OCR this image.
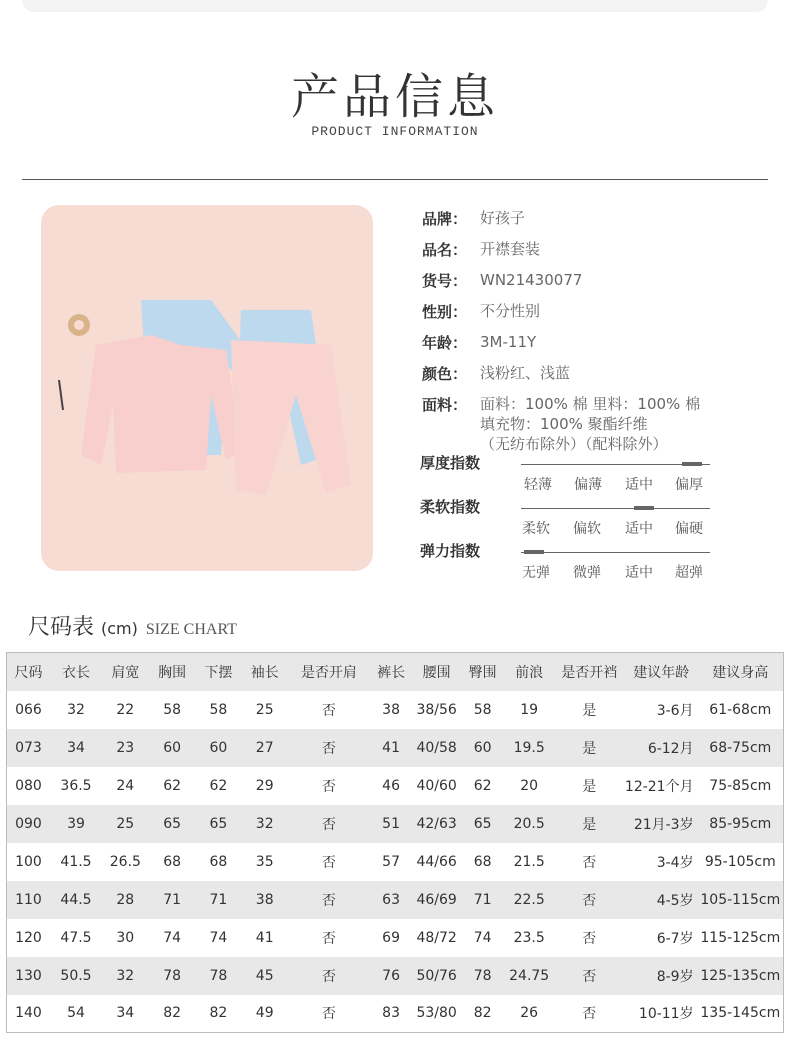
产品信息
PRODUCT INFORMATION
品牌： 好孩子
品名： 开襟套装
货号： WN21430077
性别： 不分性别
年龄： 3M-11Y
颜色： 浅粉红、浅蓝
面料： 面料：100% 棉 里料：100% 棉
填充物：100% 聚酯纤维
（无纺布除外）（配料除外）
厚度指数
轻薄 偏薄 适中 偏厚
柔软指数
柔软 偏软 适中 偏硬
弹力指数
无弹 微弹 适中 超弹
尺码表 (cm) SIZE CHART
尺码	衣长	肩宽	胸围	下摆	袖长	是否开肩	裤长	腰围	臀围	前浪	是否开裆	建议年龄	建议身高
066	32	22	58	58	25	否	38	38/56	58	19	是	3-6月	61-68cm
073	34	23	60	60	27	否	41	40/58	60	19.5	是	6-12月	68-75cm
080	36.5	24	62	62	29	否	46	40/60	62	20	是	12-21个月	75-85cm
090	39	25	65	65	32	否	51	42/63	65	20.5	是	21月-3岁	85-95cm
100	41.5	26.5	68	68	35	否	57	44/66	68	21.5	否	3-4岁	95-105cm
110	44.5	28	71	71	38	否	63	46/69	71	22.5	否	4-5岁	105-115cm
120	47.5	30	74	74	41	否	69	48/72	74	23.5	否	6-7岁	115-125cm
130	50.5	32	78	78	45	否	76	50/76	78	24.75	否	8-9岁	125-135cm
140	54	34	82	82	49	否	83	53/80	82	26	否	10-11岁	135-145cm
